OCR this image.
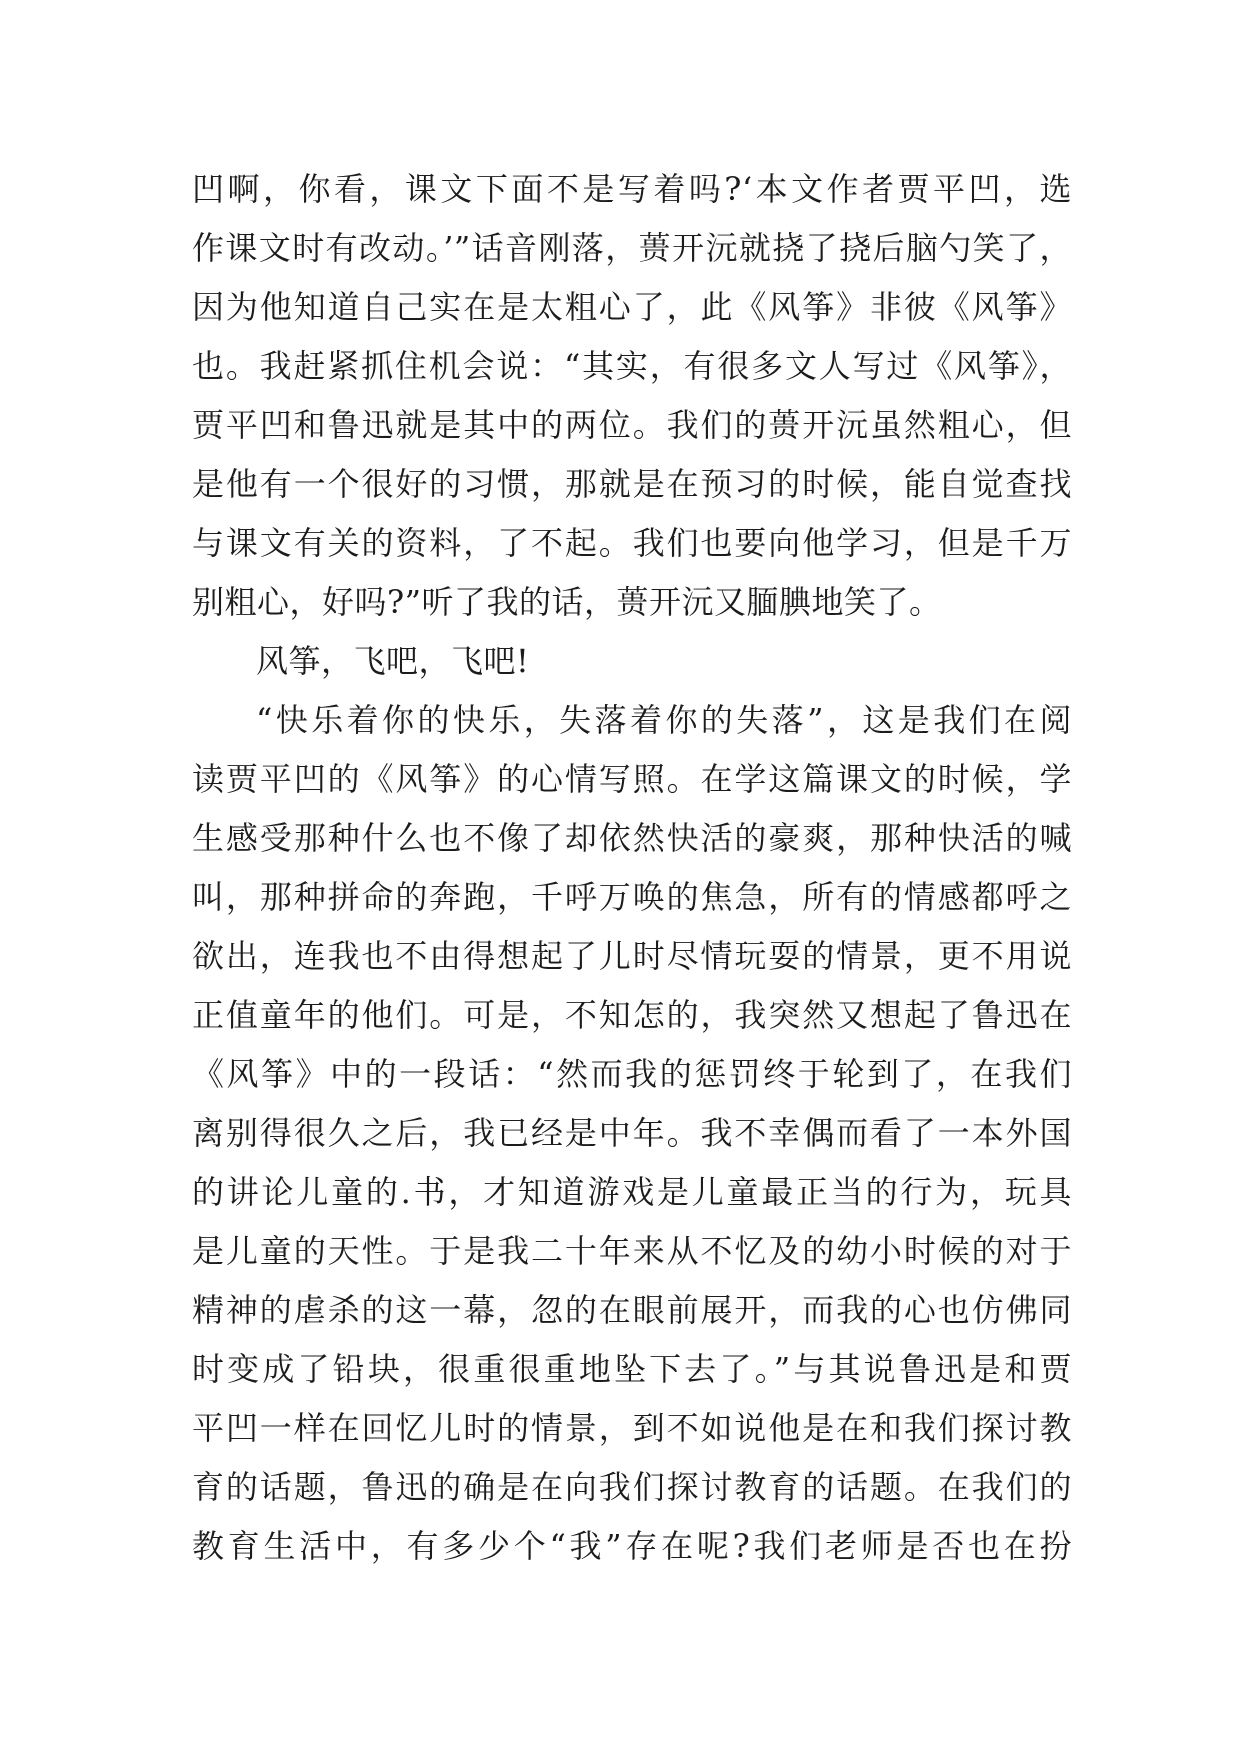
凹啊，你看，课文下面不是写着吗?‘本文作者贾平凹，选
作课文时有改动。’”话音刚落，蒉开沅就挠了挠后脑勺笑了，
因为他知道自己实在是太粗心了，此《风筝》非彼《风筝》
也。我赶紧抓住机会说：“其实，有很多文人写过《风筝》，
贾平凹和鲁迅就是其中的两位。我们的蒉开沅虽然粗心，但
是他有一个很好的习惯，那就是在预习的时候，能自觉查找
与课文有关的资料，了不起。我们也要向他学习，但是千万
别粗心，好吗?”听了我的话，蒉开沅又腼腆地笑了。
风筝，飞吧，飞吧!
“快乐着你的快乐，失落着你的失落”，这是我们在阅
读贾平凹的《风筝》的心情写照。在学这篇课文的时候，学
生感受那种什么也不像了却依然快活的豪爽，那种快活的喊
叫，那种拼命的奔跑，千呼万唤的焦急，所有的情感都呼之
欲出，连我也不由得想起了儿时尽情玩耍的情景，更不用说
正值童年的他们。可是，不知怎的，我突然又想起了鲁迅在
《风筝》中的一段话：“然而我的惩罚终于轮到了，在我们
离别得很久之后，我已经是中年。我不幸偶而看了一本外国
的讲论儿童的.书，才知道游戏是儿童最正当的行为，玩具
是儿童的天性。于是我二十年来从不忆及的幼小时候的对于
精神的虐杀的这一幕，忽的在眼前展开，而我的心也仿佛同
时变成了铅块，很重很重地坠下去了。”与其说鲁迅是和贾
平凹一样在回忆儿时的情景，到不如说他是在和我们探讨教
育的话题，鲁迅的确是在向我们探讨教育的话题。在我们的
教育生活中，有多少个“我”存在呢?我们老师是否也在扮
